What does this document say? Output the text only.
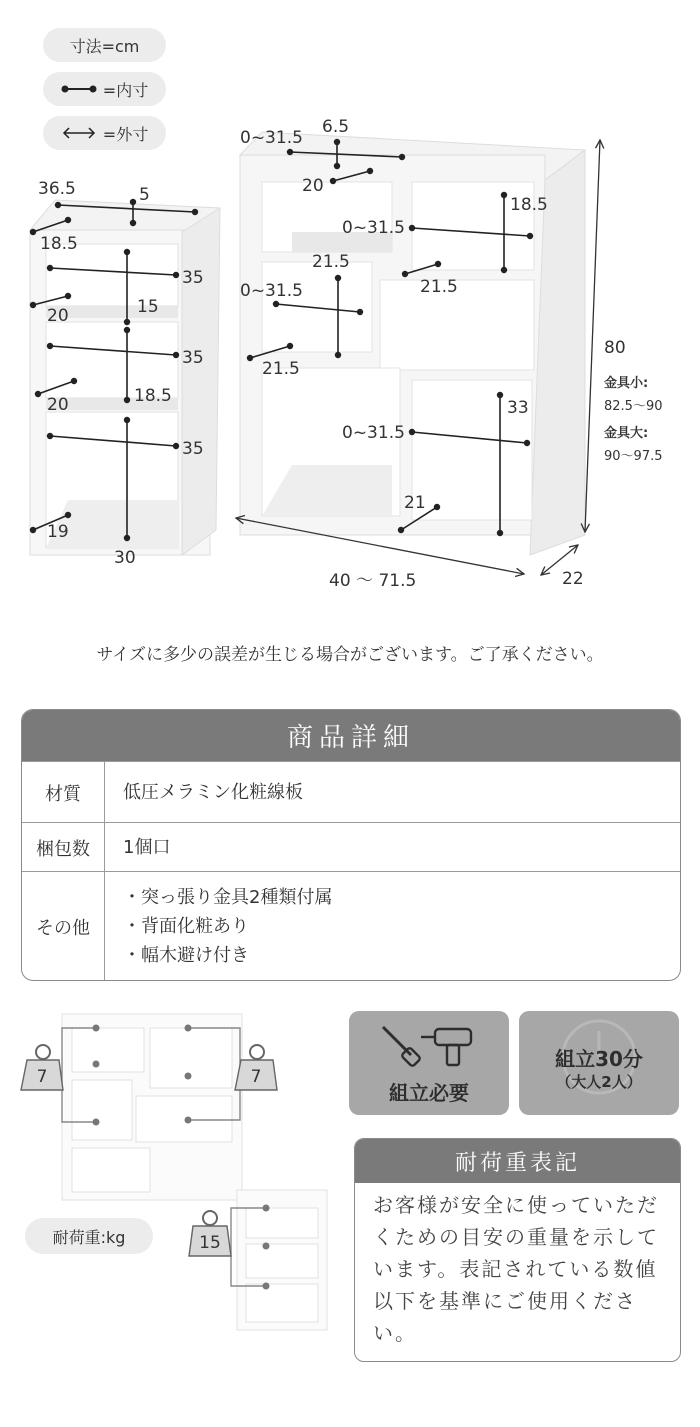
寸法=cm
=内寸
=外寸
36.5	5
18.5
35
20	15
35
20	18.5
35
19
30
0~31.5
6.5
20
18.5
0~31.5
21.5
0~31.5	21.5
21.5
33
0~31.5
21
80
金具小:
82.5～90
金具大:
90～97.5
40 ～ 71.5	22
サイズに多少の誤差が生じる場合がございます。ご了承ください。
商品詳細
材質	低圧メラミン化粧線板
梱包数	1個口
その他
・突っ張り金具2種類付属
・背面化粧あり
・幅木避け付き
7	7
15
耐荷重:kg
組立必要
組立30分
（大人2人）
耐荷重表記
お客様が安全に使っていただくための目安の重量を示しています。表記されている数値以下を基準にご使用ください。
